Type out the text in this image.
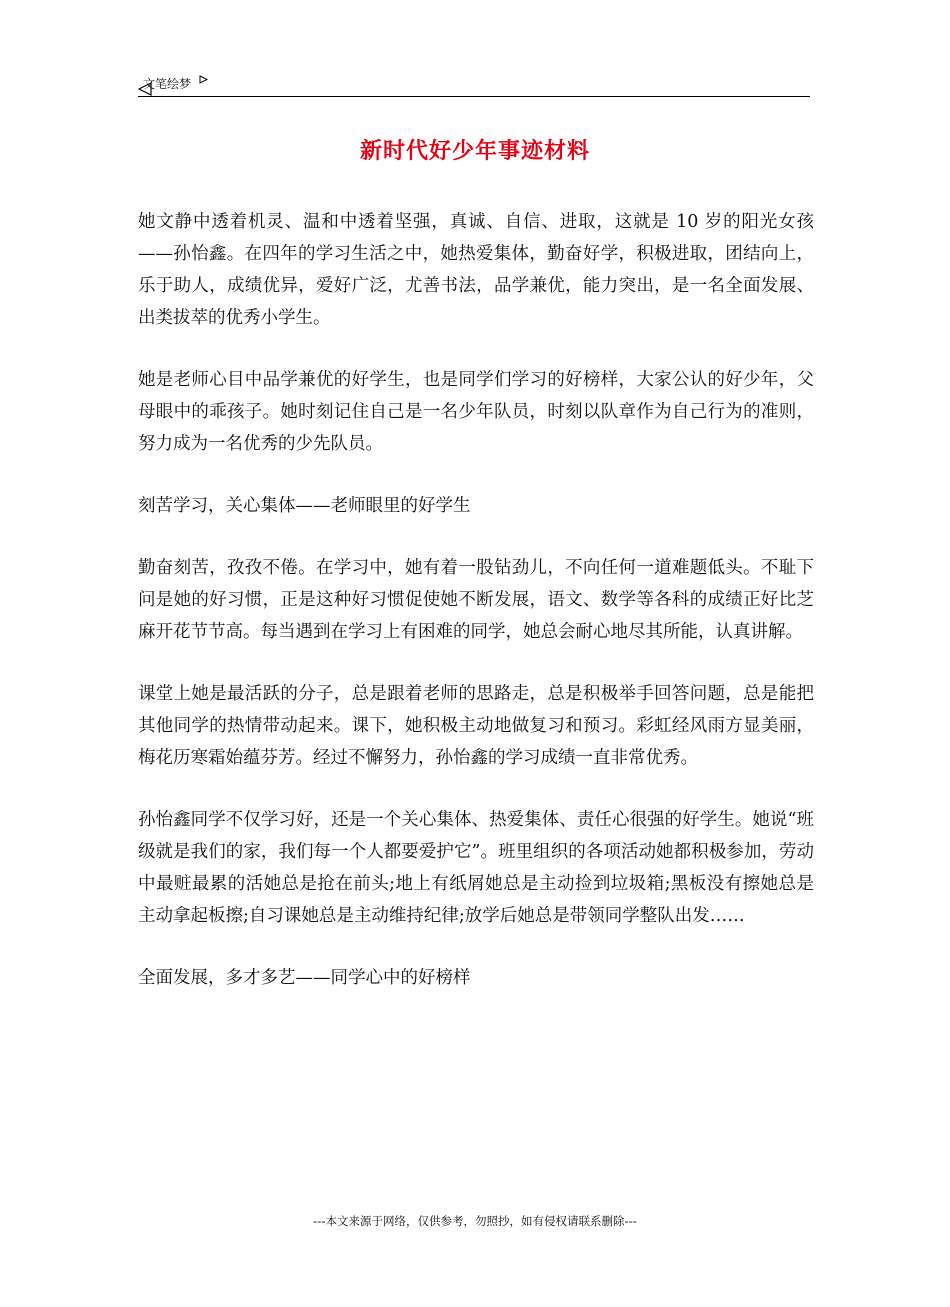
文笔绘梦
新时代好少年事迹材料

她文静中透着机灵、温和中透着坚强，真诚、自信、进取，这就是 10 岁的阳光女孩——孙怡鑫。在四年的学习生活之中，她热爱集体，勤奋好学，积极进取，团结向上，乐于助人，成绩优异，爱好广泛，尤善书法，品学兼优，能力突出，是一名全面发展、出类拔萃的优秀小学生。

她是老师心目中品学兼优的好学生，也是同学们学习的好榜样，大家公认的好少年，父母眼中的乖孩子。她时刻记住自己是一名少年队员，时刻以队章作为自己行为的准则，努力成为一名优秀的少先队员。

刻苦学习，关心集体——老师眼里的好学生

勤奋刻苦，孜孜不倦。在学习中，她有着一股钻劲儿，不向任何一道难题低头。不耻下问是她的好习惯，正是这种好习惯促使她不断发展，语文、数学等各科的成绩正好比芝麻开花节节高。每当遇到在学习上有困难的同学，她总会耐心地尽其所能，认真讲解。

课堂上她是最活跃的分子，总是跟着老师的思路走，总是积极举手回答问题，总是能把其他同学的热情带动起来。课下，她积极主动地做复习和预习。彩虹经风雨方显美丽，梅花历寒霜始蕴芬芳。经过不懈努力，孙怡鑫的学习成绩一直非常优秀。

孙怡鑫同学不仅学习好，还是一个关心集体、热爱集体、责任心很强的好学生。她说“班级就是我们的家，我们每一个人都要爱护它”。班里组织的各项活动她都积极参加，劳动中最赃最累的活她总是抢在前头;地上有纸屑她总是主动捡到垃圾箱;黑板没有擦她总是主动拿起板擦;自习课她总是主动维持纪律;放学后她总是带领同学整队出发……

全面发展，多才多艺——同学心中的好榜样

---本文来源于网络，仅供参考，勿照抄，如有侵权请联系删除---
